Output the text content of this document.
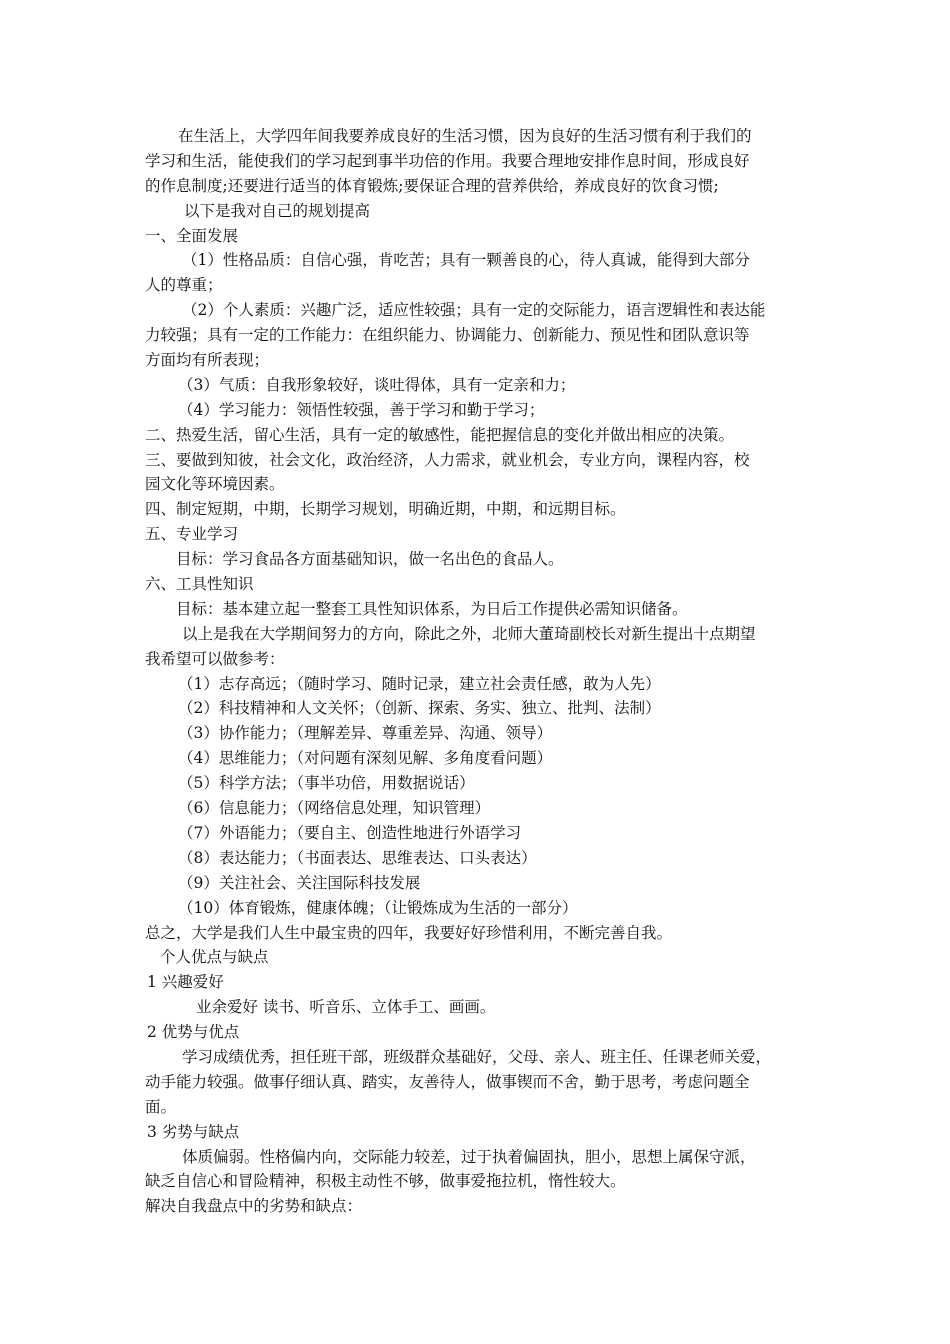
在生活上，大学四年间我要养成良好的生活习惯，因为良好的生活习惯有利于我们的
学习和生活，能使我们的学习起到事半功倍的作用。我要合理地安排作息时间，形成良好
的作息制度;还要进行适当的体育锻炼;要保证合理的营养供给，养成良好的饮食习惯;
以下是我对自己的规划提高
一、全面发展
（1）性格品质：自信心强，肯吃苦；具有一颗善良的心，待人真诚，能得到大部分
人的尊重；
（2）个人素质：兴趣广泛，适应性较强；具有一定的交际能力，语言逻辑性和表达能
力较强；具有一定的工作能力：在组织能力、协调能力、创新能力、预见性和团队意识等
方面均有所表现；
（3）气质：自我形象较好，谈吐得体，具有一定亲和力；
（4）学习能力：领悟性较强，善于学习和勤于学习；
二、热爱生活，留心生活，具有一定的敏感性，能把握信息的变化并做出相应的决策。
三、要做到知彼，社会文化，政治经济，人力需求，就业机会，专业方向，课程内容，校
园文化等环境因素。
四、制定短期，中期，长期学习规划，明确近期，中期，和远期目标。
五、专业学习
目标：学习食品各方面基础知识，做一名出色的食品人。
六、工具性知识
目标：基本建立起一整套工具性知识体系，为日后工作提供必需知识储备。
以上是我在大学期间努力的方向，除此之外，北师大董琦副校长对新生提出十点期望
我希望可以做参考：
（1）志存高远；（随时学习、随时记录，建立社会责任感，敢为人先）
（2）科技精神和人文关怀；（创新、探索、务实、独立、批判、法制）
（3）协作能力；（理解差异、尊重差异、沟通、领导）
（4）思维能力；（对问题有深刻见解、多角度看问题）
（5）科学方法；（事半功倍，用数据说话）
（6）信息能力；（网络信息处理，知识管理）
（7）外语能力；（要自主、创造性地进行外语学习
（8）表达能力；（书面表达、思维表达、口头表达）
（9）关注社会、关注国际科技发展
（10）体育锻炼，健康体魄；（让锻炼成为生活的一部分）
总之，大学是我们人生中最宝贵的四年，我要好好珍惜利用，不断完善自我。
个人优点与缺点
1 兴趣爱好
业余爱好 读书、听音乐、立体手工、画画。
2 优势与优点
学习成绩优秀，担任班干部，班级群众基础好，父母、亲人、班主任、任课老师关爱，
动手能力较强。做事仔细认真、踏实，友善待人，做事锲而不舍，勤于思考，考虑问题全
面。
3 劣势与缺点
体质偏弱。性格偏内向，交际能力较差，过于执着偏固执，胆小，思想上属保守派，
缺乏自信心和冒险精神，积极主动性不够，做事爱拖拉机，惰性较大。
解决自我盘点中的劣势和缺点：
